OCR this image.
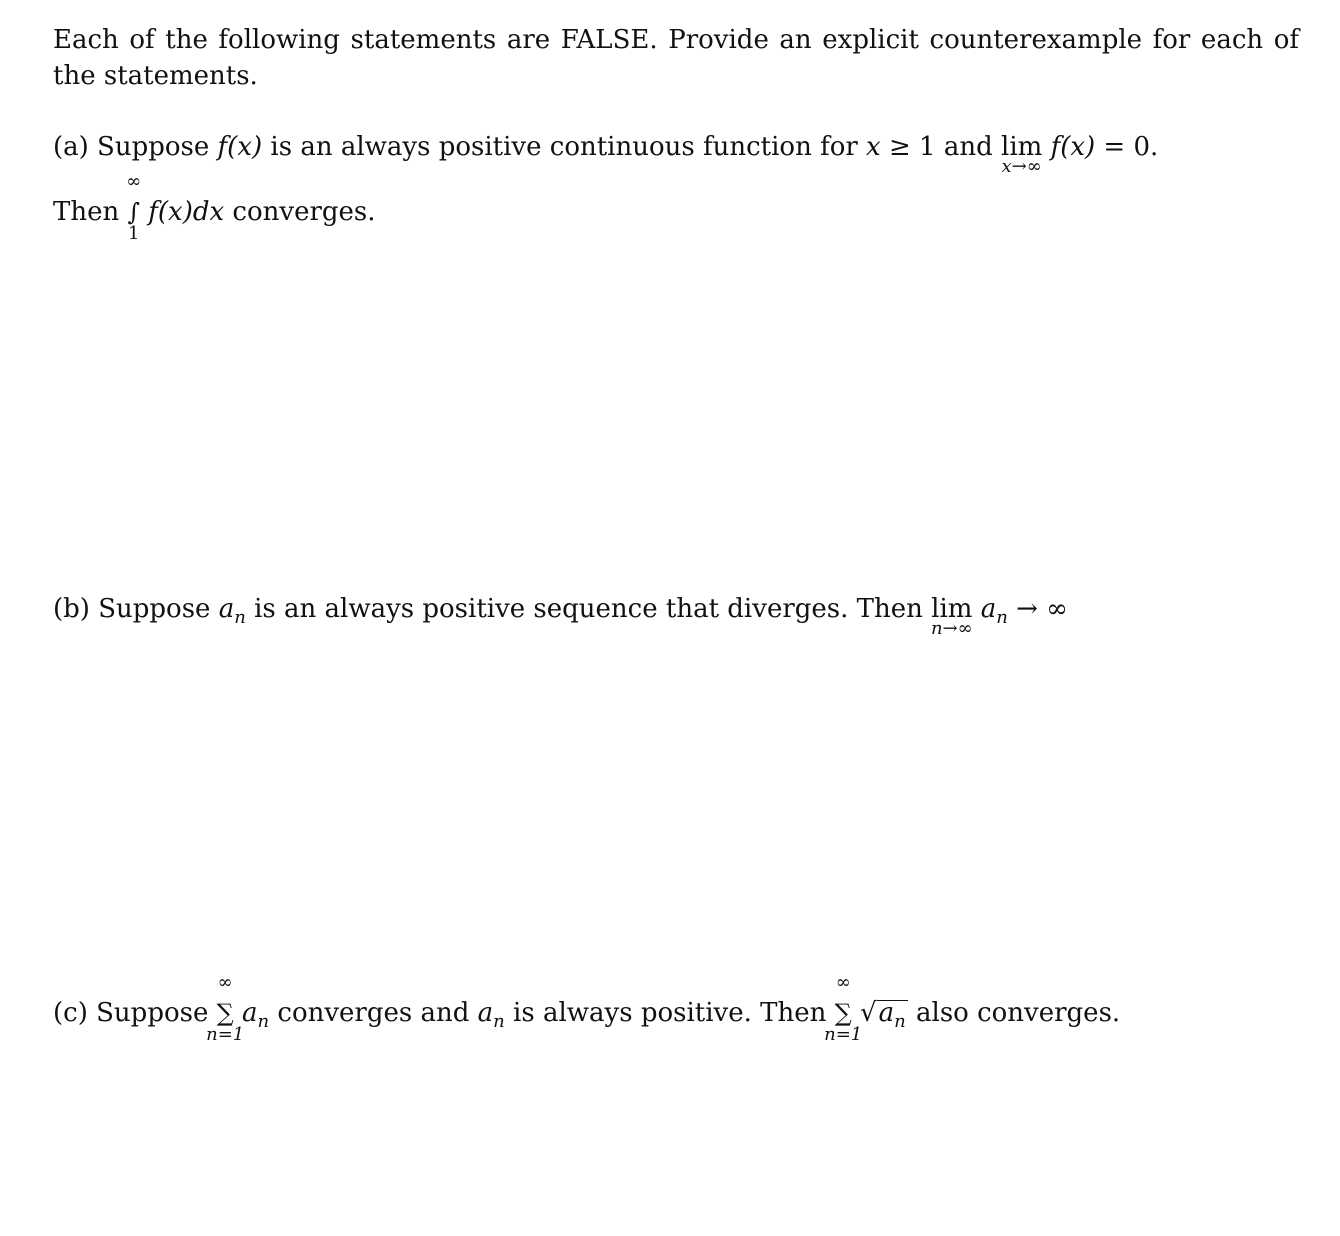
Each of the following statements are FALSE. Provide an explicit counterexample for each of the statements.
(a) Suppose f(x) is an always positive continuous function for x ≥ 1 and lim
x→∞
f(x) = 0.
Then
∞
∫
1
f(x)dx converges.
(b) Suppose $a_n$ is an always positive sequence that diverges. Then lim
n→∞
$a_n$ → ∞
(c) Suppose
∞
∑
n=1
$a_n$ converges and $a_n$ is always positive. Then
∞
∑
n=1
$√a_n$ also converges.
